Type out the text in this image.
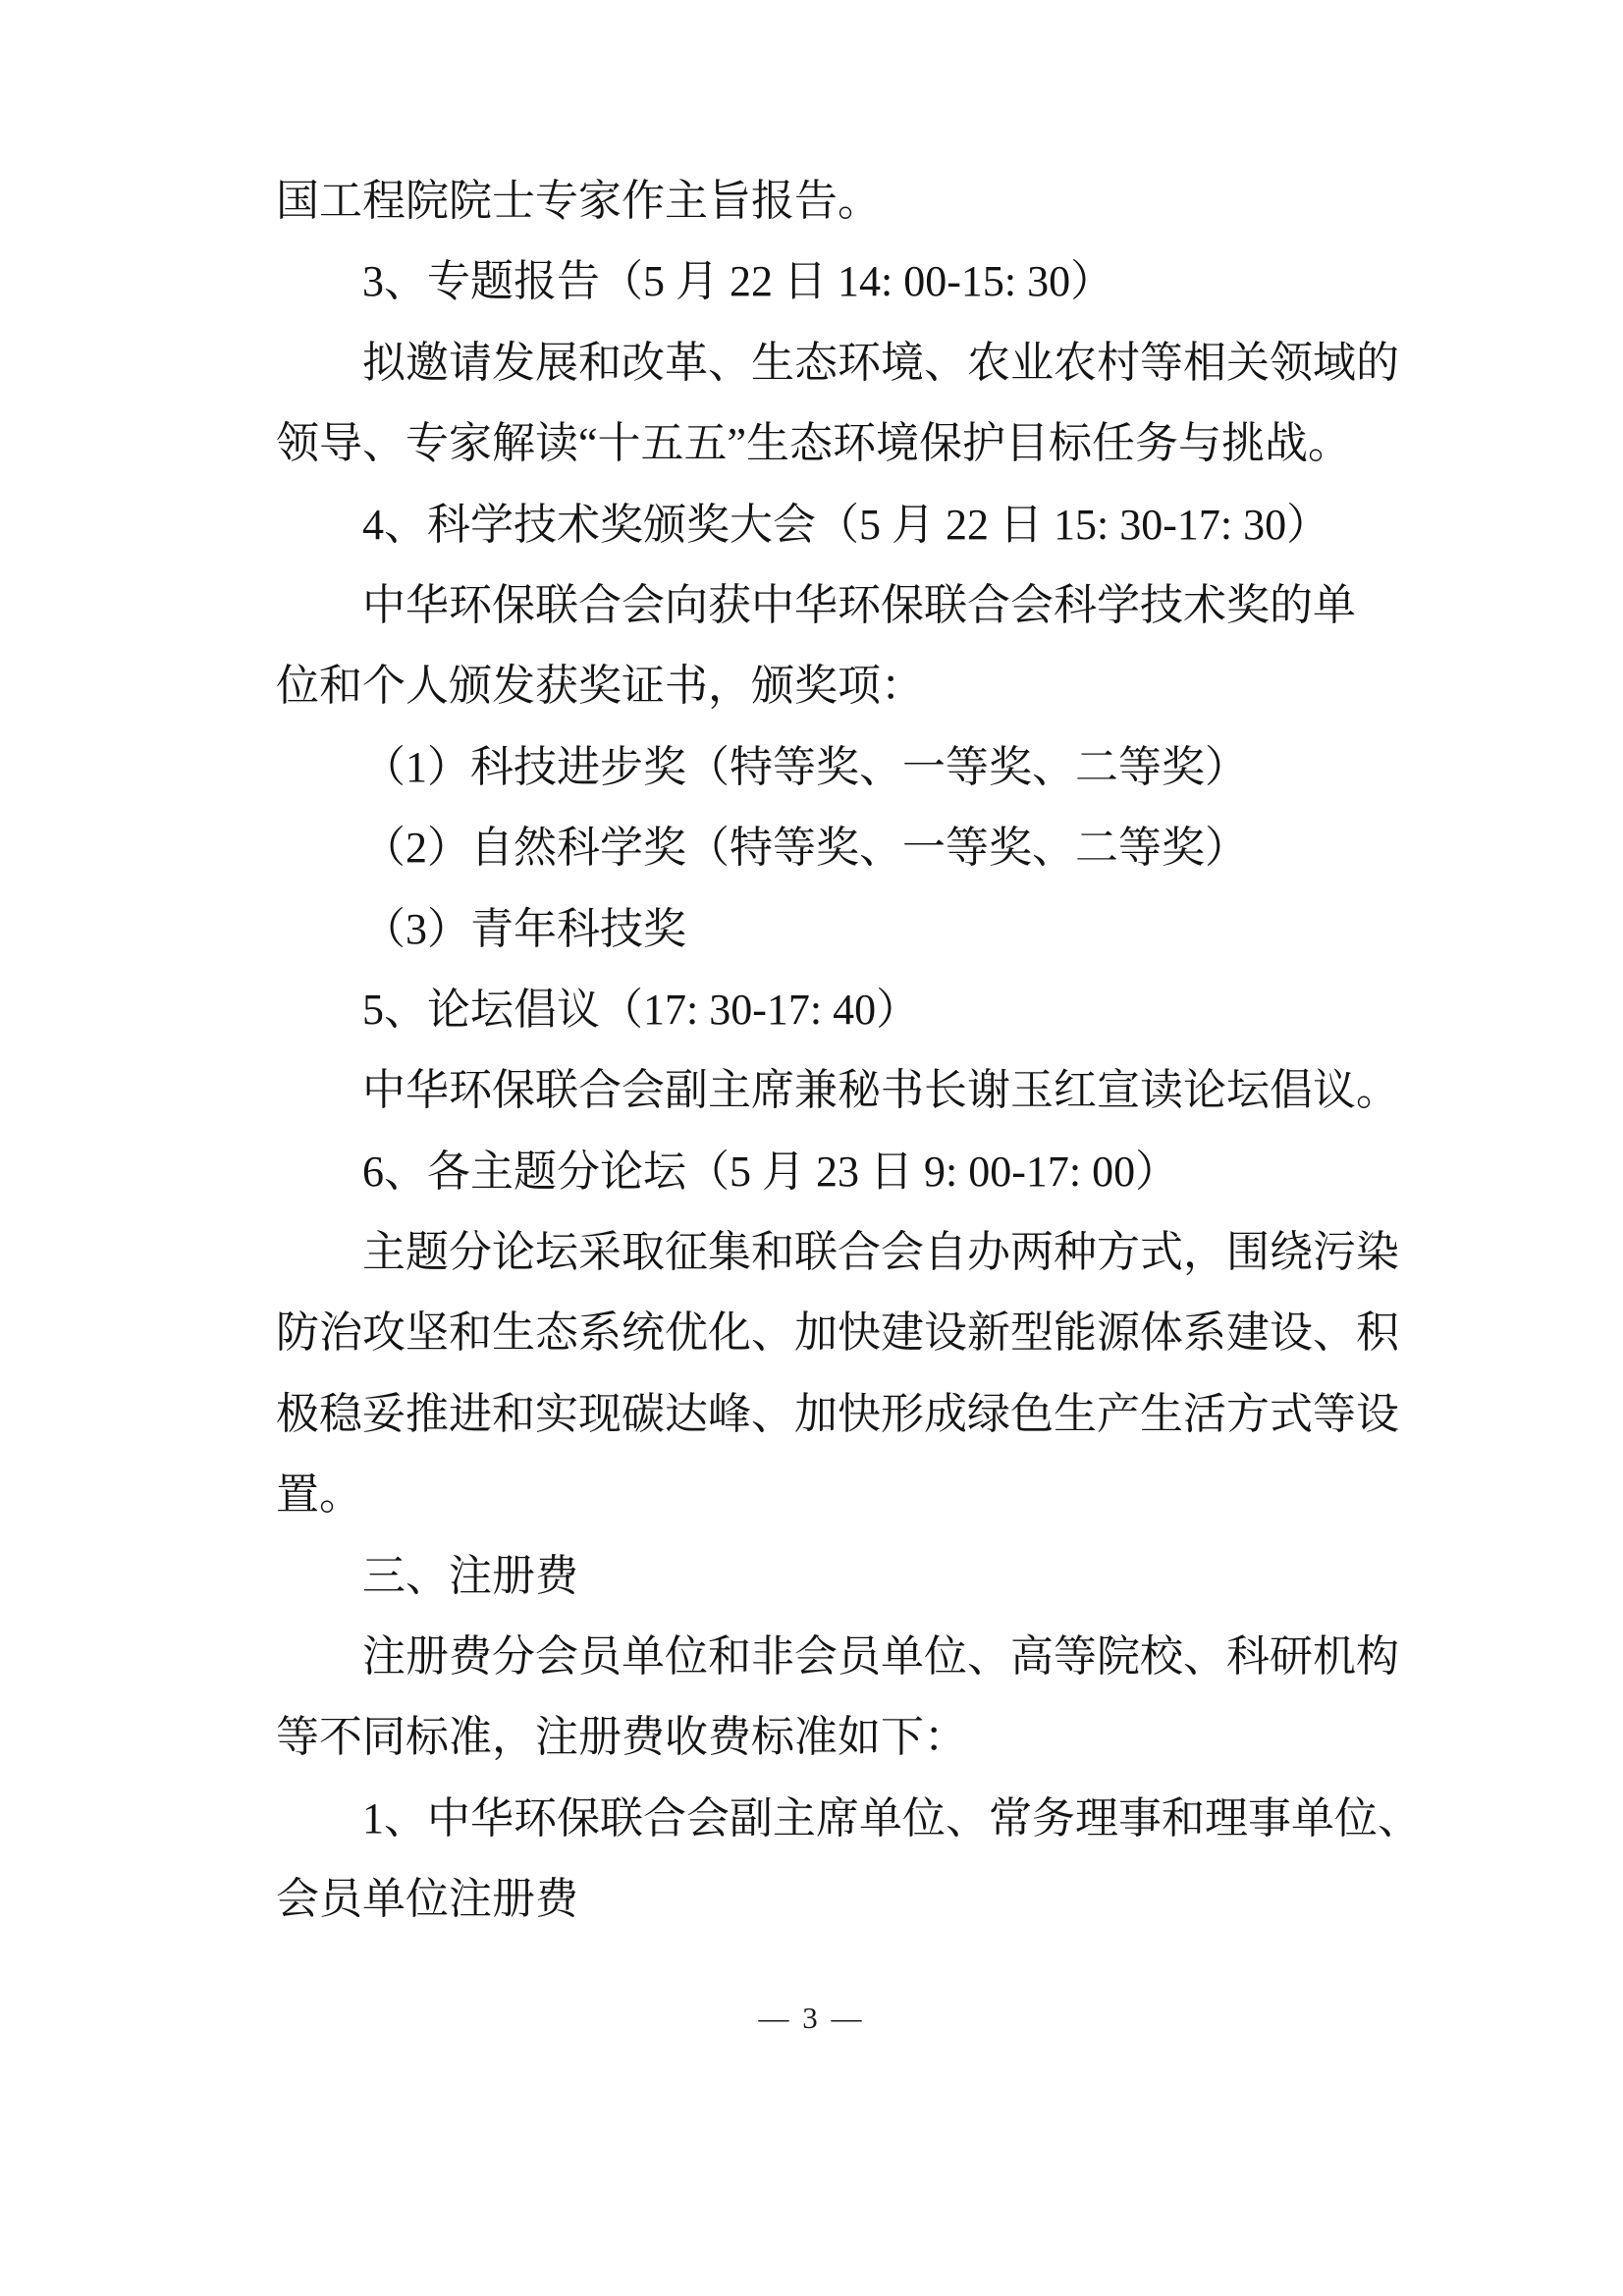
国工程院院士专家作主旨报告。
3、专题报告（5 月 22 日 14: 00-15: 30）
拟邀请发展和改革、生态环境、农业农村等相关领域的
领导、专家解读“十五五”生态环境保护目标任务与挑战。
4、科学技术奖颁奖大会（5 月 22 日 15: 30-17: 30）
中华环保联合会向获中华环保联合会科学技术奖的单
位和个人颁发获奖证书，颁奖项：
（1）科技进步奖（特等奖、一等奖、二等奖）
（2）自然科学奖（特等奖、一等奖、二等奖）
（3）青年科技奖
5、论坛倡议（17: 30-17: 40）
中华环保联合会副主席兼秘书长谢玉红宣读论坛倡议。
6、各主题分论坛（5 月 23 日 9: 00-17: 00）
主题分论坛采取征集和联合会自办两种方式，围绕污染
防治攻坚和生态系统优化、加快建设新型能源体系建设、积
极稳妥推进和实现碳达峰、加快形成绿色生产生活方式等设
置。
三、注册费
注册费分会员单位和非会员单位、高等院校、科研机构
等不同标准，注册费收费标准如下：
1、中华环保联合会副主席单位、常务理事和理事单位、
会员单位注册费
— 3 —
